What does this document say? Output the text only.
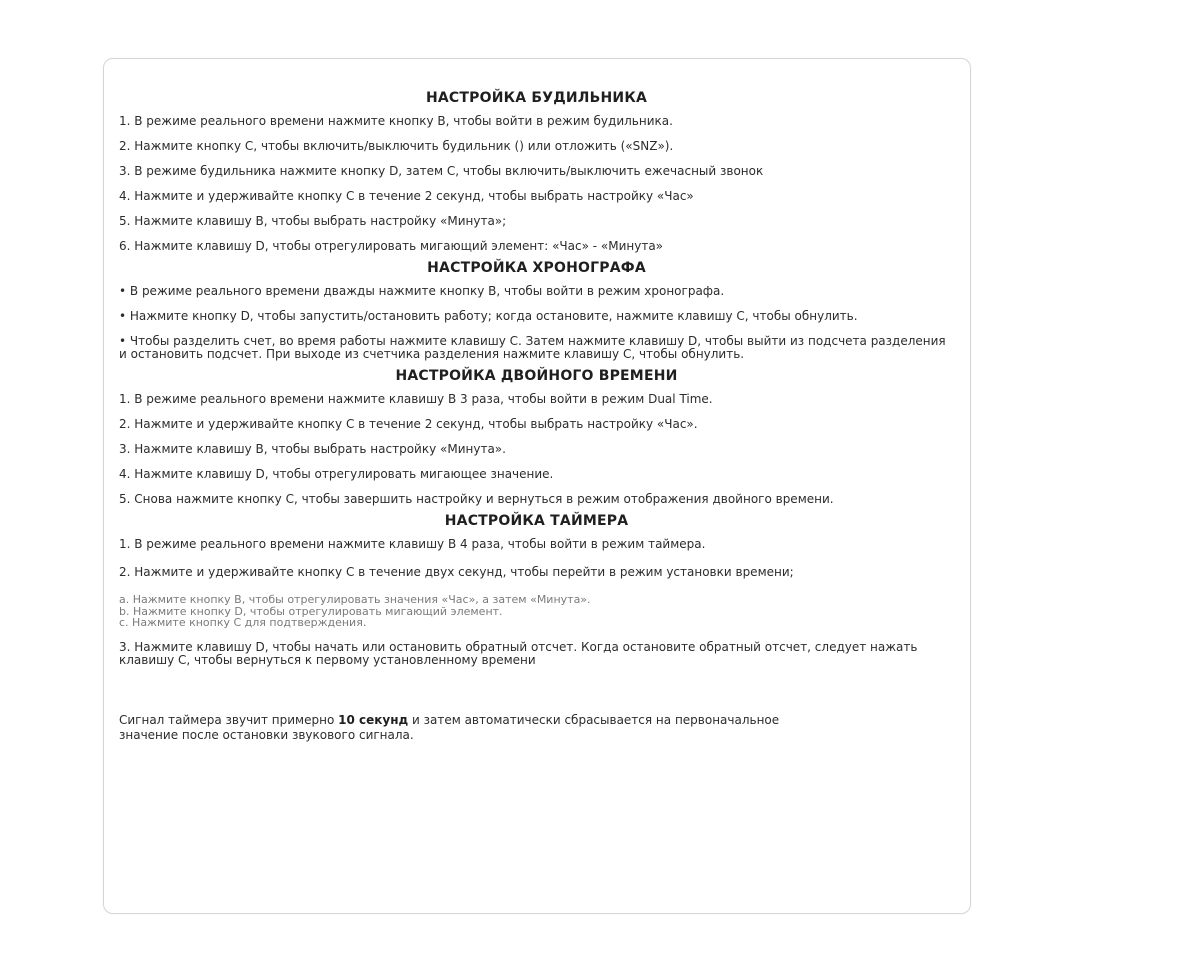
НАСТРОЙКА БУДИЛЬНИКА
1. В режиме реального времени нажмите кнопку B, чтобы войти в режим будильника.
2. Нажмите кнопку C, чтобы включить/выключить будильник () или отложить («SNZ»).
3. В режиме будильника нажмите кнопку D, затем C, чтобы включить/выключить ежечасный звонок
4. Нажмите и удерживайте кнопку C в течение 2 секунд, чтобы выбрать настройку «Час»
5. Нажмите клавишу B, чтобы выбрать настройку «Минута»;
6. Нажмите клавишу D, чтобы отрегулировать мигающий элемент: «Час» - «Минута»
НАСТРОЙКА ХРОНОГРАФА
• В режиме реального времени дважды нажмите кнопку B, чтобы войти в режим хронографа.
• Нажмите кнопку D, чтобы запустить/остановить работу; когда остановите, нажмите клавишу C, чтобы обнулить.
• Чтобы разделить счет, во время работы нажмите клавишу C. Затем нажмите клавишу D, чтобы выйти из подсчета разделения и остановить подсчет. При выходе из счетчика разделения нажмите клавишу C, чтобы обнулить.
НАСТРОЙКА ДВОЙНОГО ВРЕМЕНИ
1. В режиме реального времени нажмите клавишу B 3 раза, чтобы войти в режим Dual Time.
2. Нажмите и удерживайте кнопку C в течение 2 секунд, чтобы выбрать настройку «Час».
3. Нажмите клавишу B, чтобы выбрать настройку «Минута».
4. Нажмите клавишу D, чтобы отрегулировать мигающее значение.
5. Снова нажмите кнопку C, чтобы завершить настройку и вернуться в режим отображения двойного времени.
НАСТРОЙКА ТАЙМЕРА
1. В режиме реального времени нажмите клавишу B 4 раза, чтобы войти в режим таймера.
2. Нажмите и удерживайте кнопку C в течение двух секунд, чтобы перейти в режим установки времени;
a. Нажмите кнопку B, чтобы отрегулировать значения «Час», а затем «Минута».
b. Нажмите кнопку D, чтобы отрегулировать мигающий элемент.
c. Нажмите кнопку C для подтверждения.
3. Нажмите клавишу D, чтобы начать или остановить обратный отсчет. Когда остановите обратный отсчет, следует нажать клавишу C, чтобы вернуться к первому установленному времени
Сигнал таймера звучит примерно 10 секунд и затем автоматически сбрасывается на первоначальное значение после остановки звукового сигнала.
